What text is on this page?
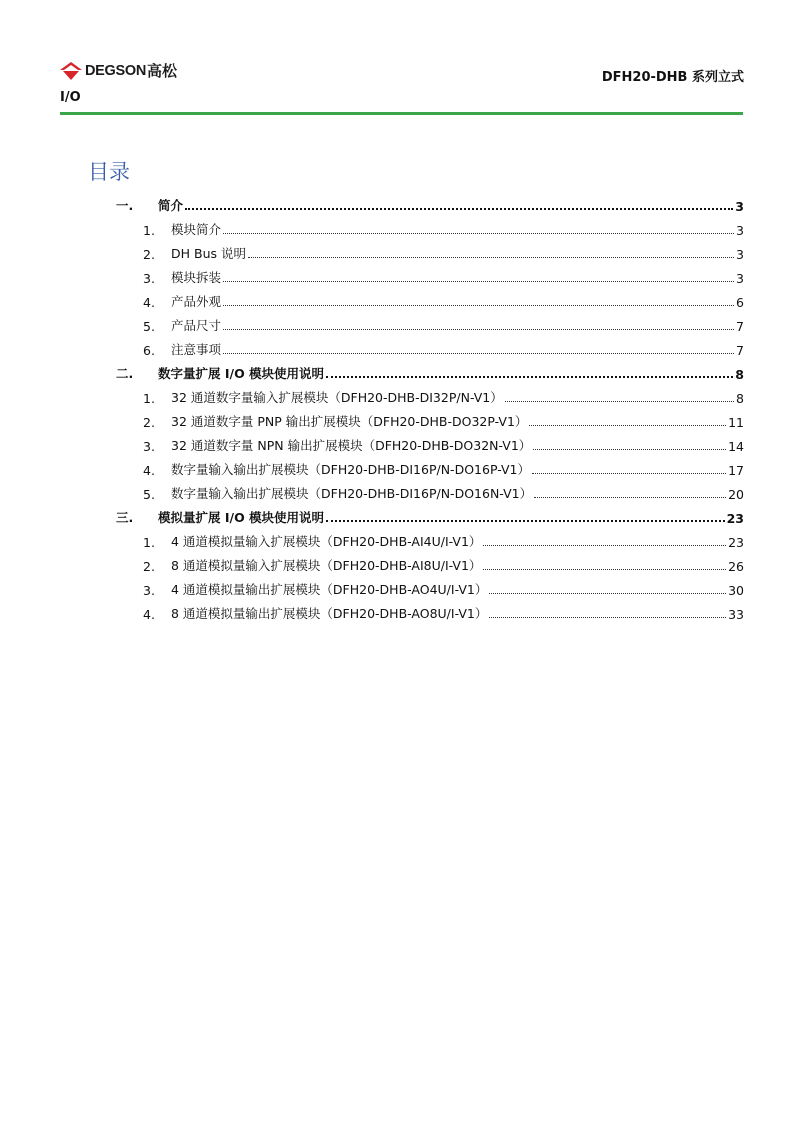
DEGSON 高松	DFH20-DHB 系列立式
I/O
目录
一.	简介	3
1.	模块简介	3
2.	DH Bus 说明	3
3.	模块拆装	3
4.	产品外观	6
5.	产品尺寸	7
6.	注意事项	7
二.	数字量扩展 I/O 模块使用说明	8
1.	32 通道数字量输入扩展模块（DFH20-DHB-DI32P/N-V1）	8
2.	32 通道数字量 PNP 输出扩展模块（DFH20-DHB-DO32P-V1）	11
3.	32 通道数字量 NPN 输出扩展模块（DFH20-DHB-DO32N-V1）	14
4.	数字量输入输出扩展模块（DFH20-DHB-DI16P/N-DO16P-V1）	17
5.	数字量输入输出扩展模块（DFH20-DHB-DI16P/N-DO16N-V1）	20
三.	模拟量扩展 I/O 模块使用说明	23
1.	4 通道模拟量输入扩展模块（DFH20-DHB-AI4U/I-V1）	23
2.	8 通道模拟量输入扩展模块（DFH20-DHB-AI8U/I-V1）	26
3.	4 通道模拟量输出扩展模块（DFH20-DHB-AO4U/I-V1）	30
4.	8 通道模拟量输出扩展模块（DFH20-DHB-AO8U/I-V1）	33
